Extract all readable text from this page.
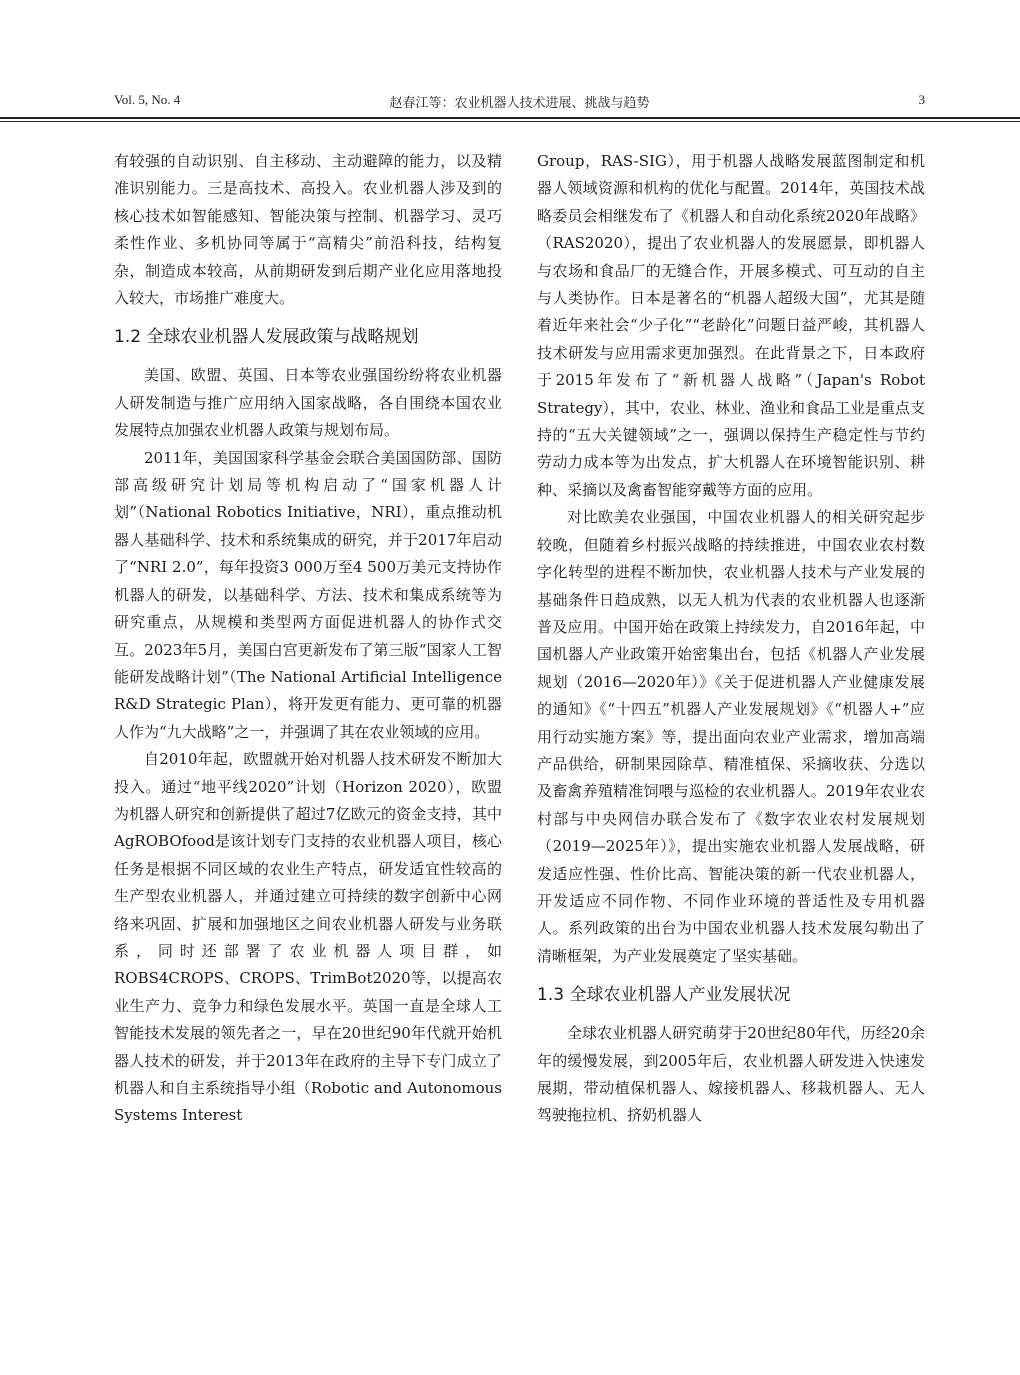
Vol. 5, No. 4	赵春江等：农业机器人技术进展、挑战与趋势	3

有较强的自动识别、自主移动、主动避障的能力，以及精准识别能力。三是高技术、高投入。农业机器人涉及到的核心技术如智能感知、智能决策与控制、机器学习、灵巧柔性作业、多机协同等属于“高精尖”前沿科技，结构复杂，制造成本较高，从前期研发到后期产业化应用落地投入较大，市场推广难度大。

1.2 全球农业机器人发展政策与战略规划

美国、欧盟、英国、日本等农业强国纷纷将农业机器人研发制造与推广应用纳入国家战略，各自围绕本国农业发展特点加强农业机器人政策与规划布局。

2011年，美国国家科学基金会联合美国国防部、国防部高级研究计划局等机构启动了“国家机器人计划”（National Robotics Initiative，NRI），重点推动机器人基础科学、技术和系统集成的研究，并于2017年启动了“NRI 2.0”，每年投资3 000万至4 500万美元支持协作机器人的研发，以基础科学、方法、技术和集成系统等为研究重点，从规模和类型两方面促进机器人的协作式交互。2023年5月，美国白宫更新发布了第三版“国家人工智能研发战略计划”（The National Artificial Intelligence R&D Strategic Plan），将开发更有能力、更可靠的机器人作为“九大战略”之一，并强调了其在农业领域的应用。

自2010年起，欧盟就开始对机器人技术研发不断加大投入。通过“地平线2020”计划（Horizon 2020），欧盟为机器人研究和创新提供了超过7亿欧元的资金支持，其中AgROBOfood是该计划专门支持的农业机器人项目，核心任务是根据不同区域的农业生产特点，研发适宜性较高的生产型农业机器人，并通过建立可持续的数字创新中心网络来巩固、扩展和加强地区之间农业机器人研发与业务联系，同时还部署了农业机器人项目群，如ROBS4CROPS、CROPS、TrimBot2020等，以提高农业生产力、竞争力和绿色发展水平。英国一直是全球人工智能技术发展的领先者之一，早在20世纪90年代就开始机器人技术的研发，并于2013年在政府的主导下专门成立了机器人和自主系统指导小组（Robotic and Autonomous Systems Interest

Group，RAS-SIG），用于机器人战略发展蓝图制定和机器人领域资源和机构的优化与配置。2014年，英国技术战略委员会相继发布了《机器人和自动化系统2020年战略》（RAS2020），提出了农业机器人的发展愿景，即机器人与农场和食品厂的无缝合作，开展多模式、可互动的自主与人类协作。日本是著名的“机器人超级大国”，尤其是随着近年来社会“少子化”“老龄化”问题日益严峻，其机器人技术研发与应用需求更加强烈。在此背景之下，日本政府于2015年发布了“新机器人战略”（Japan's Robot Strategy），其中，农业、林业、渔业和食品工业是重点支持的“五大关键领域”之一，强调以保持生产稳定性与节约劳动力成本等为出发点，扩大机器人在环境智能识别、耕种、采摘以及禽畜智能穿戴等方面的应用。

对比欧美农业强国，中国农业机器人的相关研究起步较晚，但随着乡村振兴战略的持续推进，中国农业农村数字化转型的进程不断加快，农业机器人技术与产业发展的基础条件日趋成熟，以无人机为代表的农业机器人也逐渐普及应用。中国开始在政策上持续发力，自2016年起，中国机器人产业政策开始密集出台，包括《机器人产业发展规划（2016—2020年）》《关于促进机器人产业健康发展的通知》《“十四五”机器人产业发展规划》《“机器人+”应用行动实施方案》等，提出面向农业产业需求，增加高端产品供给，研制果园除草、精准植保、采摘收获、分选以及畜禽养殖精准饲喂与巡检的农业机器人。2019年农业农村部与中央网信办联合发布了《数字农业农村发展规划（2019—2025年）》，提出实施农业机器人发展战略，研发适应性强、性价比高、智能决策的新一代农业机器人，开发适应不同作物、不同作业环境的普适性及专用机器人。系列政策的出台为中国农业机器人技术发展勾勒出了清晰框架，为产业发展奠定了坚实基础。

1.3 全球农业机器人产业发展状况

全球农业机器人研究萌芽于20世纪80年代，历经20余年的缓慢发展，到2005年后，农业机器人研发进入快速发展期，带动植保机器人、嫁接机器人、移栽机器人、无人驾驶拖拉机、挤奶机器人
